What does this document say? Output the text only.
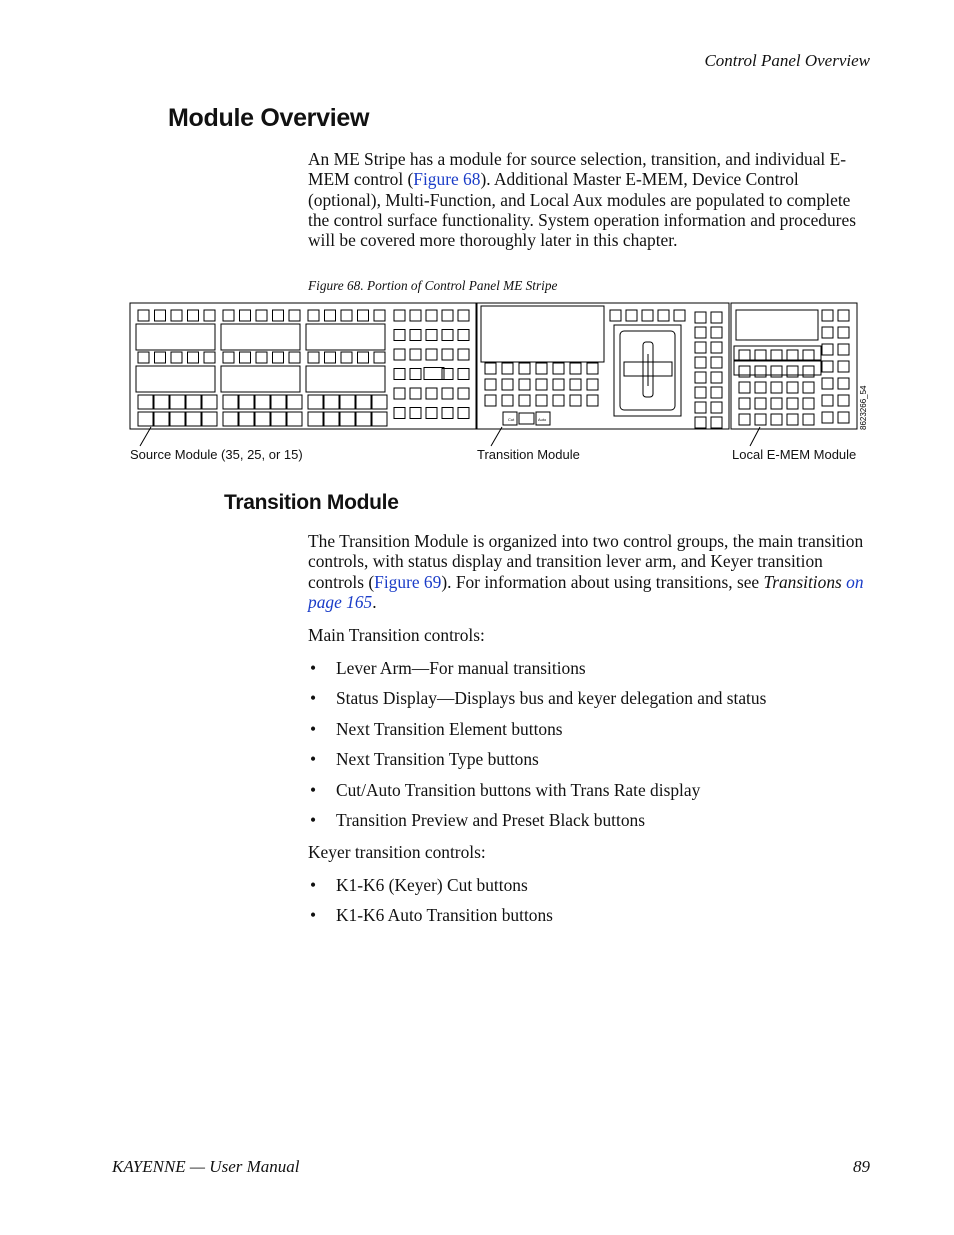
Control Panel Overview
Module Overview

An ME Stripe has a module for source selection, transition, and individual E-MEM control (Figure 68). Additional Master E-MEM, Device Control (optional), Multi-Function, and Local Aux modules are populated to complete the control surface functionality. System operation information and procedures will be covered more thoroughly later in this chapter.

Figure 68. Portion of Control Panel ME Stripe
Cut	Auto	8623266_54
Source Module (35, 25, or 15)	Transition Module	Local E-MEM Module
Transition Module

The Transition Module is organized into two control groups, the main transition controls, with status display and transition lever arm, and Keyer transition controls (Figure 69). For information about using transitions, see Transitions on page 165.

Main Transition controls:

• Lever Arm—For manual transitions
• Status Display—Displays bus and keyer delegation and status
• Next Transition Element buttons
• Next Transition Type buttons
• Cut/Auto Transition buttons with Trans Rate display
• Transition Preview and Preset Black buttons

Keyer transition controls:

• K1-K6 (Keyer) Cut buttons
• K1-K6 Auto Transition buttons
KAYENNE — User Manual	89
